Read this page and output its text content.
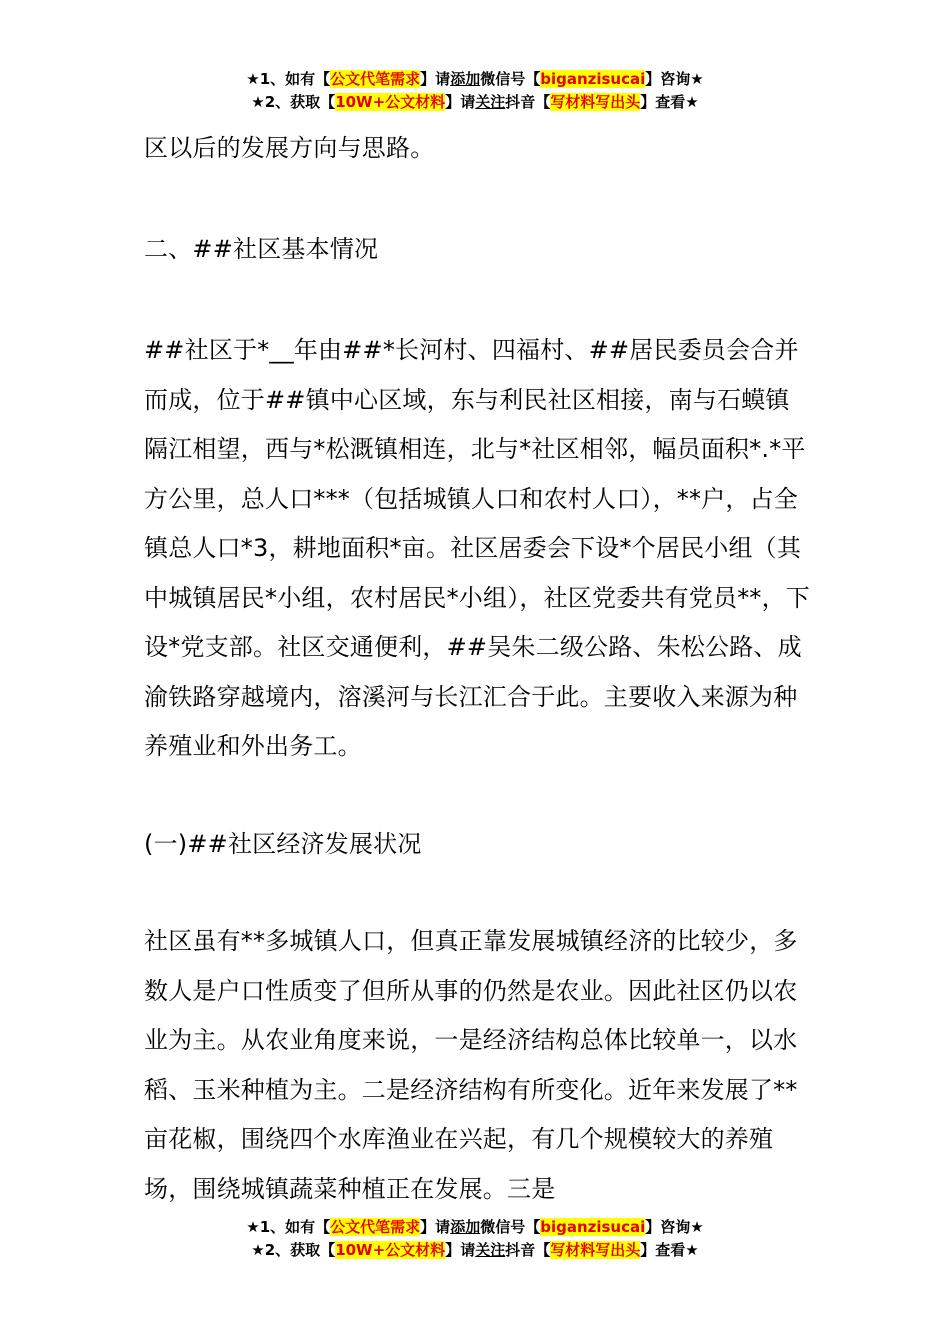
★1、如有【公文代笔需求】请添加微信号【biganzisucai】咨询★
★2、获取【10W+公文材料】请关注抖音【写材料写出头】查看★

区以后的发展方向与思路。

二、##社区基本情况

##社区于*__年由##*长河村、四福村、##居民委员会合并而成，位于##镇中心区域，东与利民社区相接，南与石蟆镇隔江相望，西与*松溉镇相连，北与*社区相邻，幅员面积*.*平方公里，总人口***（包括城镇人口和农村人口），**户，占全镇总人口*3，耕地面积*亩。社区居委会下设*个居民小组（其中城镇居民*小组，农村居民*小组），社区党委共有党员**，下设*党支部。社区交通便利，##吴朱二级公路、朱松公路、成渝铁路穿越境内，溶溪河与长江汇合于此。主要收入来源为种养殖业和外出务工。

(一)##社区经济发展状况

社区虽有**多城镇人口，但真正靠发展城镇经济的比较少，多数人是户口性质变了但所从事的仍然是农业。因此社区仍以农业为主。从农业角度来说，一是经济结构总体比较单一，以水稻、玉米种植为主。二是经济结构有所变化。近年来发展了**亩花椒，围绕四个水库渔业在兴起，有几个规模较大的养殖场，围绕城镇蔬菜种植正在发展。三是

★1、如有【公文代笔需求】请添加微信号【biganzisucai】咨询★
★2、获取【10W+公文材料】请关注抖音【写材料写出头】查看★
